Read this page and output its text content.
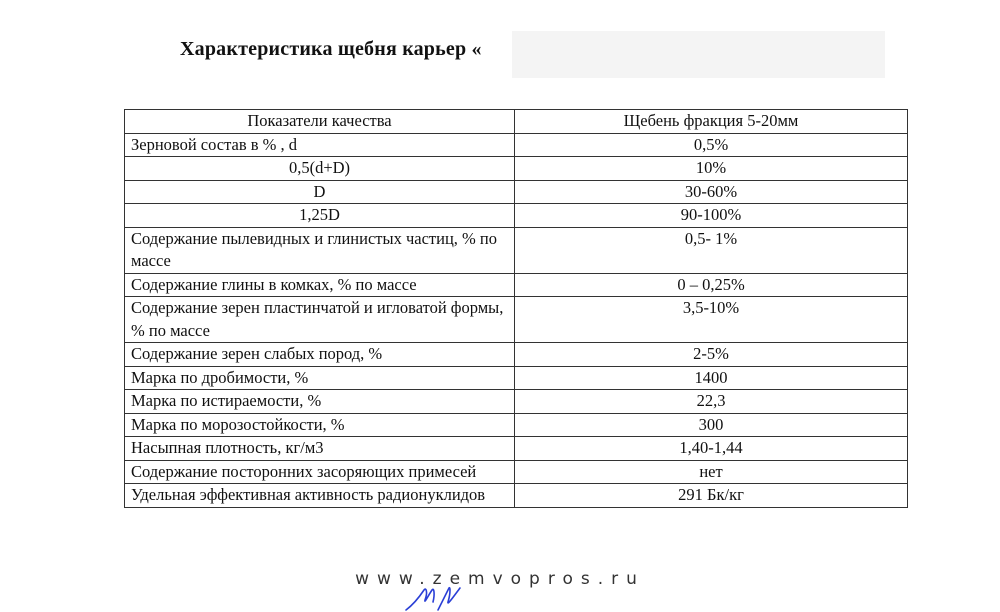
Характеристика щебня карьер «
Показатели качества	Щебень фракция 5-20мм
Зерновой состав в % , d	0,5%
0,5(d+D)	10%
D	30-60%
1,25D	90-100%
Содержание пылевидных и глинистых частиц, % по массе	0,5- 1%
Содержание глины в комках, % по массе	0 – 0,25%
Содержание зерен пластинчатой и игловатой формы, % по массе	3,5-10%
Содержание зерен слабых пород, %	2-5%
Марка по дробимости, %	1400
Марка по истираемости, %	22,3
Марка по морозостойкости, %	300
Насыпная плотность, кг/м3	1,40-1,44
Содержание посторонних засоряющих примесей	нет
Удельная эффективная активность радионуклидов	291 Бк/кг
www.zemvopros.ru
